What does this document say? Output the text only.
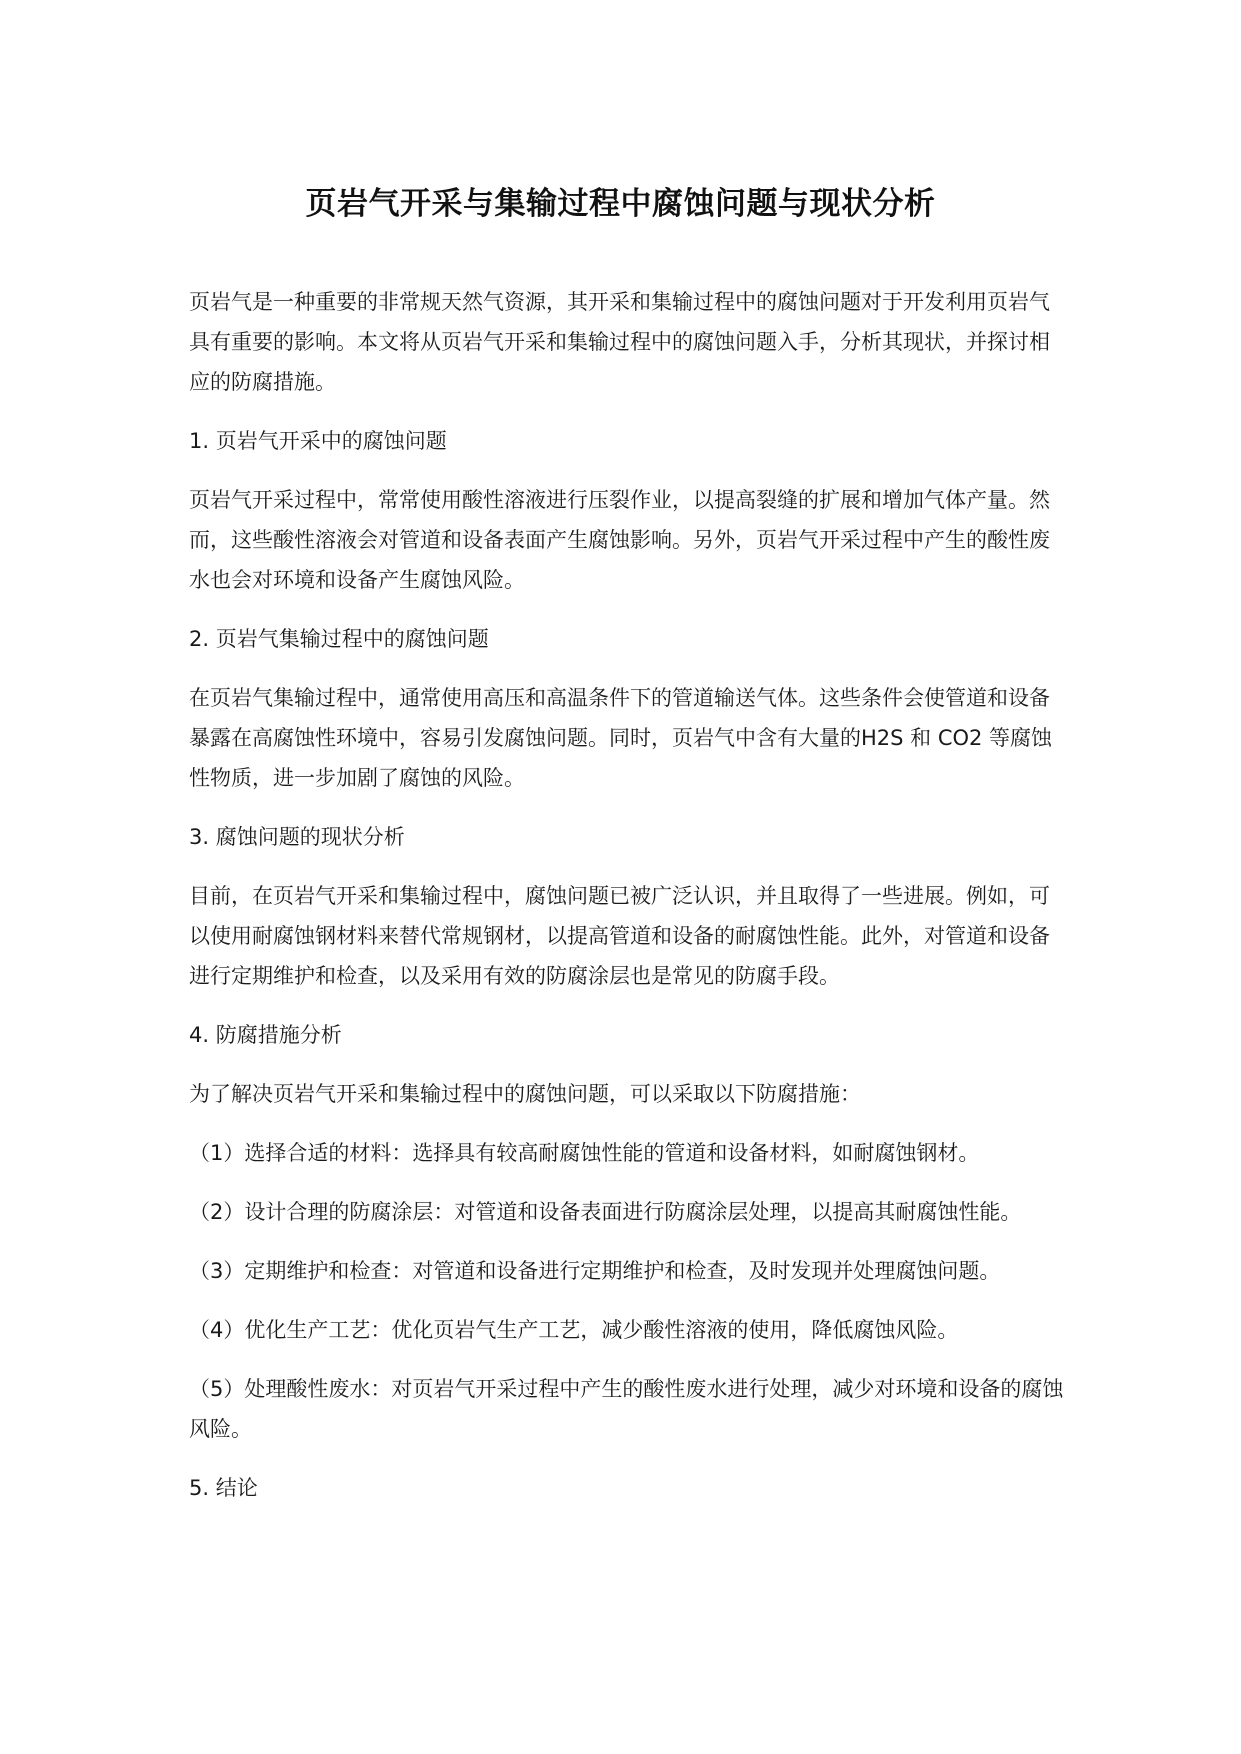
页岩气开采与集输过程中腐蚀问题与现状分析

页岩气是一种重要的非常规天然气资源，其开采和集输过程中的腐蚀问题对于开发利用页岩气具有重要的影响。本文将从页岩气开采和集输过程中的腐蚀问题入手，分析其现状，并探讨相应的防腐措施。

1. 页岩气开采中的腐蚀问题

页岩气开采过程中，常常使用酸性溶液进行压裂作业，以提高裂缝的扩展和增加气体产量。然而，这些酸性溶液会对管道和设备表面产生腐蚀影响。另外，页岩气开采过程中产生的酸性废水也会对环境和设备产生腐蚀风险。

2. 页岩气集输过程中的腐蚀问题

在页岩气集输过程中，通常使用高压和高温条件下的管道输送气体。这些条件会使管道和设备暴露在高腐蚀性环境中，容易引发腐蚀问题。同时，页岩气中含有大量的H2S 和 CO2 等腐蚀性物质，进一步加剧了腐蚀的风险。

3. 腐蚀问题的现状分析

目前，在页岩气开采和集输过程中，腐蚀问题已被广泛认识，并且取得了一些进展。例如，可以使用耐腐蚀钢材料来替代常规钢材，以提高管道和设备的耐腐蚀性能。此外，对管道和设备进行定期维护和检查，以及采用有效的防腐涂层也是常见的防腐手段。

4. 防腐措施分析

为了解决页岩气开采和集输过程中的腐蚀问题，可以采取以下防腐措施：

（1）选择合适的材料：选择具有较高耐腐蚀性能的管道和设备材料，如耐腐蚀钢材。

（2）设计合理的防腐涂层：对管道和设备表面进行防腐涂层处理，以提高其耐腐蚀性能。

（3）定期维护和检查：对管道和设备进行定期维护和检查，及时发现并处理腐蚀问题。

（4）优化生产工艺：优化页岩气生产工艺，减少酸性溶液的使用，降低腐蚀风险。

（5）处理酸性废水：对页岩气开采过程中产生的酸性废水进行处理，减少对环境和设备的腐蚀风险。

5. 结论
